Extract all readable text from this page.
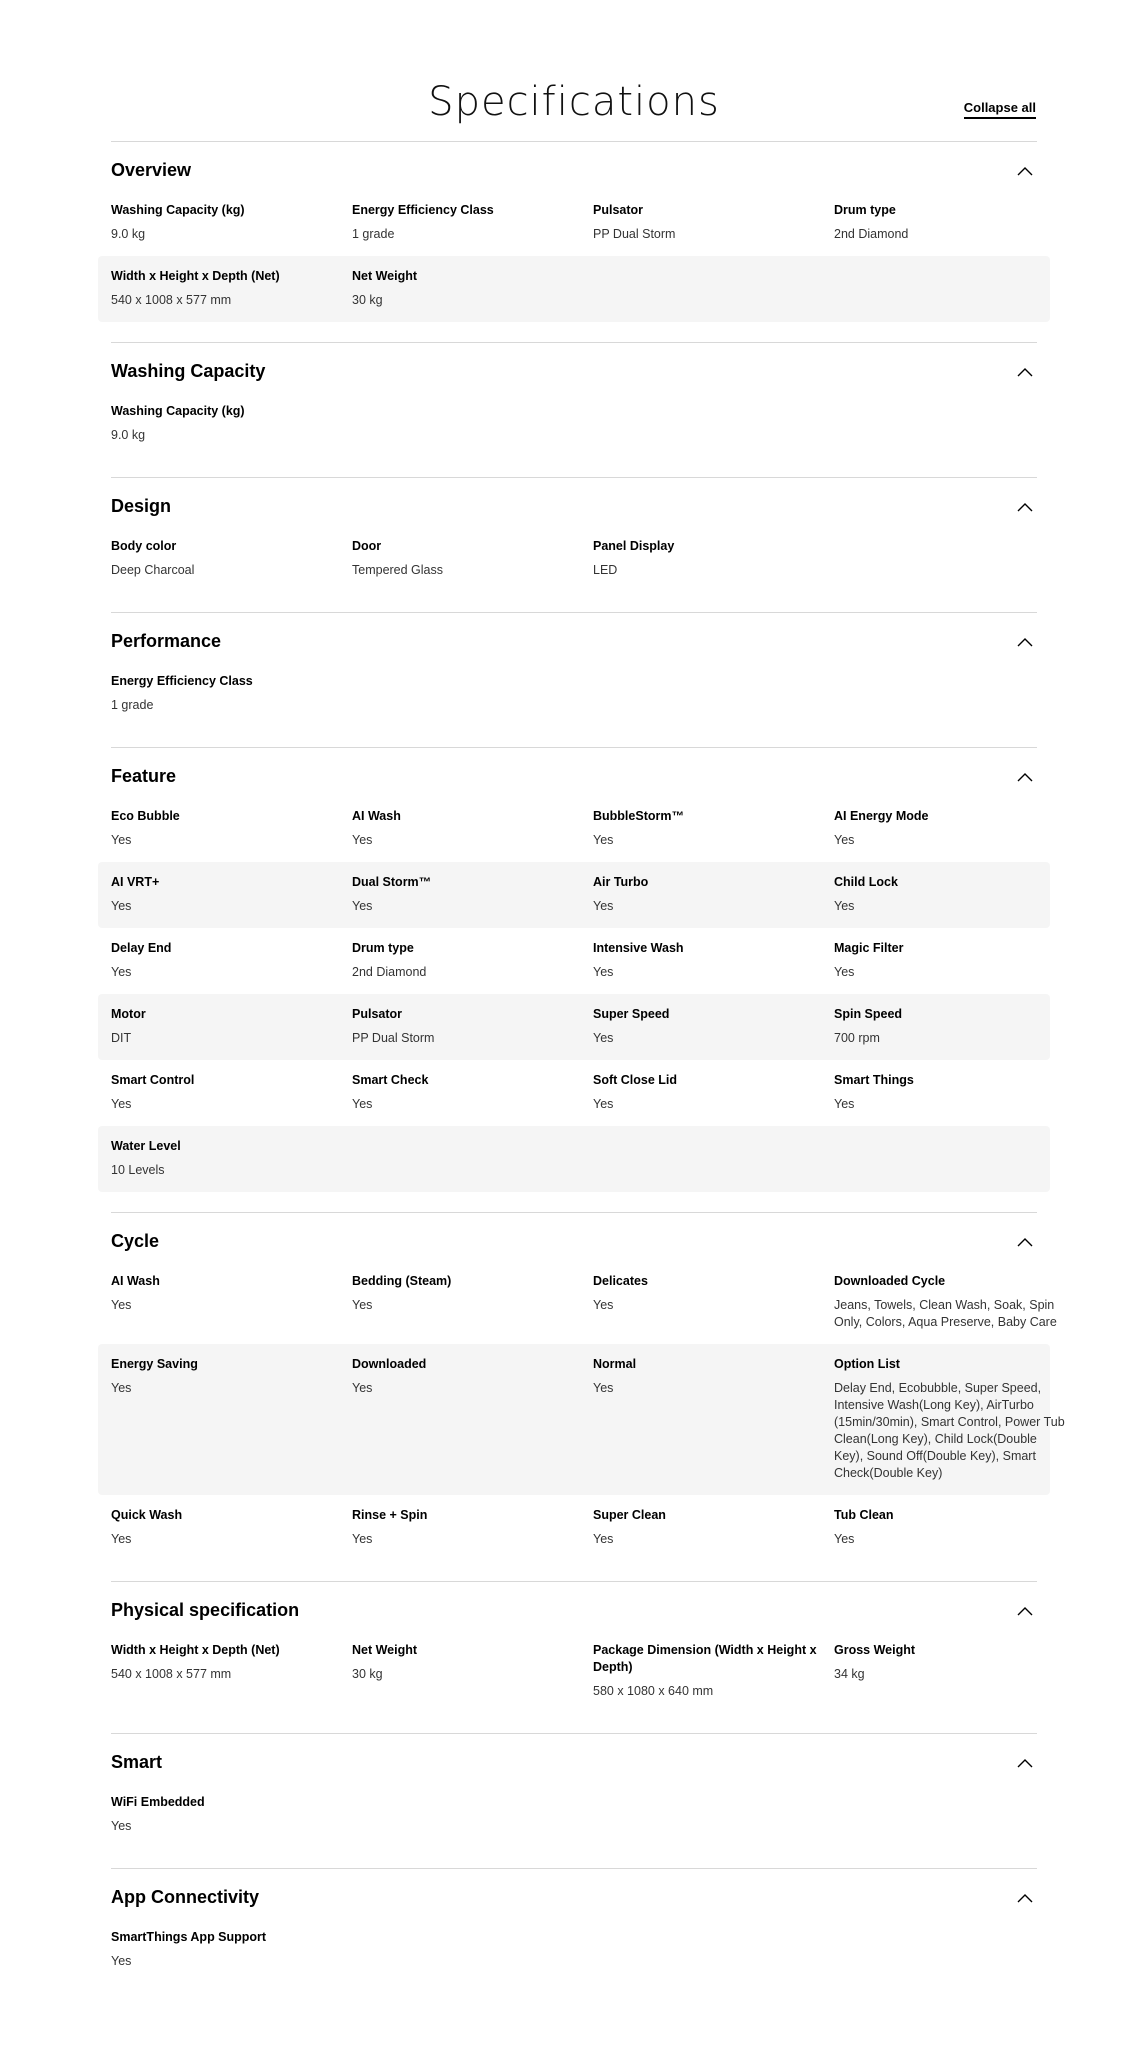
Specifications	Collapse all
Overview
Washing Capacity (kg)
9.0 kg
Energy Efficiency Class
1 grade
Pulsator
PP Dual Storm
Drum type
2nd Diamond
Width x Height x Depth (Net)
540 x 1008 x 577 mm
Net Weight
30 kg
Washing Capacity
Washing Capacity (kg)
9.0 kg
Design
Body color
Deep Charcoal
Door
Tempered Glass
Panel Display
LED
Performance
Energy Efficiency Class
1 grade
Feature
Eco Bubble
Yes
AI Wash
Yes
BubbleStorm™
Yes
AI Energy Mode
Yes
AI VRT+
Yes
Dual Storm™
Yes
Air Turbo
Yes
Child Lock
Yes
Delay End
Yes
Drum type
2nd Diamond
Intensive Wash
Yes
Magic Filter
Yes
Motor
DIT
Pulsator
PP Dual Storm
Super Speed
Yes
Spin Speed
700 rpm
Smart Control
Yes
Smart Check
Yes
Soft Close Lid
Yes
Smart Things
Yes
Water Level
10 Levels
Cycle
AI Wash
Yes
Bedding (Steam)
Yes
Delicates
Yes
Downloaded Cycle
Jeans, Towels, Clean Wash, Soak, Spin Only, Colors, Aqua Preserve, Baby Care
Energy Saving
Yes
Downloaded
Yes
Normal
Yes
Option List
Delay End, Ecobubble, Super Speed, Intensive Wash(Long Key), AirTurbo (15min/30min), Smart Control, Power Tub Clean(Long Key), Child Lock(Double Key), Sound Off(Double Key), Smart Check(Double Key)
Quick Wash
Yes
Rinse + Spin
Yes
Super Clean
Yes
Tub Clean
Yes
Physical specification
Width x Height x Depth (Net)
540 x 1008 x 577 mm
Net Weight
30 kg
Package Dimension (Width x Height x Depth)
580 x 1080 x 640 mm
Gross Weight
34 kg
Smart
WiFi Embedded
Yes
App Connectivity
SmartThings App Support
Yes
